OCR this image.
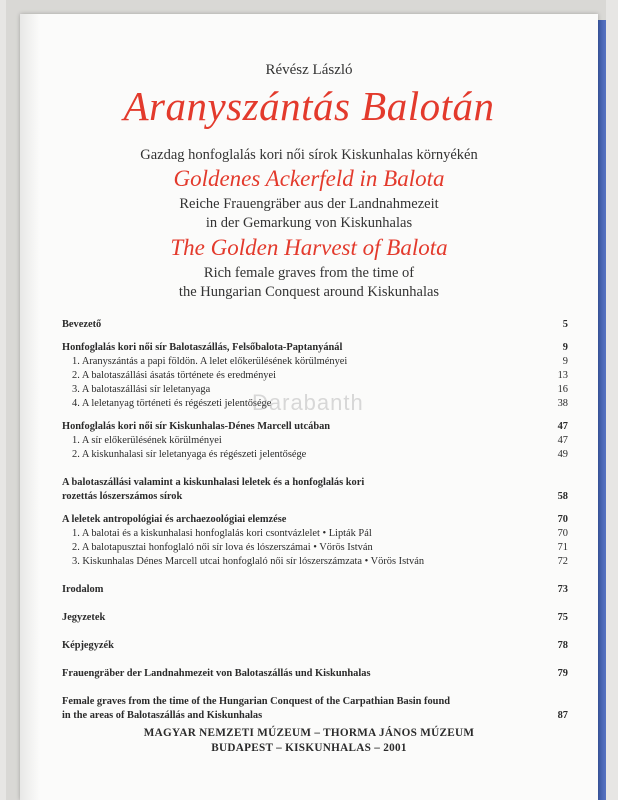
Révész László
Aranyszántás Balotán
Gazdag honfoglalás kori női sírok Kiskunhalas környékén
Goldenes Ackerfeld in Balota
Reiche Frauengräber aus der Landnahmezeit
in der Gemarkung von Kiskunhalas
The Golden Harvest of Balota
Rich female graves from the time of
the Hungarian Conquest around Kiskunhalas
Bevezető	5
Honfoglalás kori női sír Balotaszállás, Felsőbalota-Paptanyánál	9
1. Aranyszántás a papi földön. A lelet előkerülésének körülményei	9
2. A balotaszállási ásatás története és eredményei	13
3. A balotaszállási sír leletanyaga	16
4. A leletanyag történeti és régészeti jelentősége	38
Honfoglalás kori női sír Kiskunhalas-Dénes Marcell utcában	47
1. A sír előkerülésének körülményei	47
2. A kiskunhalasi sír leletanyaga és régészeti jelentősége	49
A balotaszállási valamint a kiskunhalasi leletek és a honfoglalás kori
rozettás lószerszámos sírok	58
A leletek antropológiai és archaezoológiai elemzése	70
1. A balotai és a kiskunhalasi honfoglalás kori csontvázlelet • Lipták Pál	70
2. A balotapusztai honfoglaló női sír lova és lószerszámai • Vörös István	71
3. Kiskunhalas Dénes Marcell utcai honfoglaló női sír lószerszámzata • Vörös István	72
Irodalom	73
Jegyzetek	75
Képjegyzék	78
Frauengräber der Landnahmezeit von Balotaszállás und Kiskunhalas	79
Female graves from the time of the Hungarian Conquest of the Carpathian Basin found
in the areas of Balotaszállás and Kiskunhalas	87
Darabanth
MAGYAR NEMZETI MÚZEUM – THORMA JÁNOS MÚZEUM
BUDAPEST – KISKUNHALAS – 2001
